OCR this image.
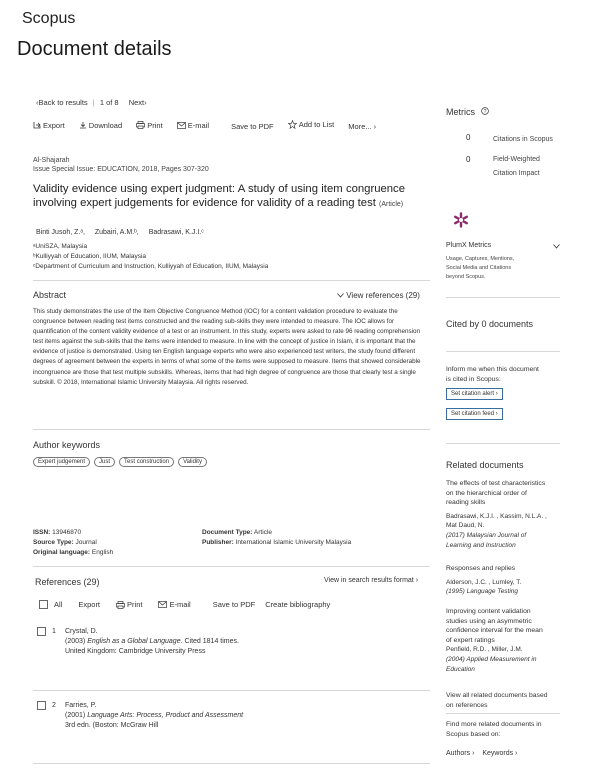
Scopus
Document details
‹Back to results | 1 of 8 Next›
Export
	Download
	Print
	E-mail
	Save to PDF
	Add to List
More... ›
Al-Shajarah
Issue Special Issue: EDUCATION, 2018, Pages 307-320
Validity evidence using expert judgment: A study of using item congruence involving expert judgements for evidence for validity of a reading test (Article)
Binti Jusoh, Z.ᵃ, Zubairi, A.M.ᵇ, Badrasawi, K.J.I.ᶜ
ᵃUniSZA, Malaysia
ᵇKulliyyah of Education, IIUM, Malaysia
ᶜDepartment of Curriculum and Instruction, Kulliyyah of Education, IIUM, Malaysia
Abstract	View references (29)
This study demonstrates the use of the Item Objective Congruence Method (IOC) for a content validation procedure to evaluate the congruence between reading test items constructed and the reading sub-skills they were intended to measure. The IOC allows for quantification of the content validity evidence of a test or an instrument. In this study, experts were asked to rate 96 reading comprehension test items against the sub-skills that the items were intended to measure. In line with the concept of justice in Islam, it is important that the evidence of justice is demonstrated. Using ten English language experts who were also experienced test writers, the study found different degrees of agreement between the experts in terms of what some of the items were supposed to measure. Items that showed considerable incongruence are those that test multiple subskills. Whereas, items that had high degree of congruence are those that clearly test a single subskill. © 2018, International Islamic University Malaysia. All rights reserved.
Author keywords
Expert judgement	Just	Test construction	Validity
ISSN: 13946870
Source Type: Journal
Original language: English
Document Type: Article
Publisher: International Islamic University Malaysia
References (29)	View in search results format ›
All Export	Print	E-mail	Save to PDF Create bibliography
1 Crystal, D.
(2003) English as a Global Language. Cited 1814 times.
United Kingdom: Cambridge University Press
2 Farries, P.
(2001) Language Arts: Process, Product and Assessment
3rd edn. (Boston: McGraw Hill
Metrics ?
0	Citations in Scopus
0	Field-Weighted
Citation Impact
PlumX Metrics
Usage, Captures, Mentions,
Social Media and Citations
beyond Scopus.
Cited by 0 documents
Inform me when this document
is cited in Scopus:
Set citation alert ›
Set citation feed ›
Related documents
The effects of test characteristics
on the hierarchical order of
reading skills
Badrasawi, K.J.I. , Kassim, N.L.A. ,
Mat Daud, N.
(2017) Malaysian Journal of
Learning and Instruction
Responses and replies
Alderson, J.C. , Lumley, T.
(1995) Language Testing
Improving content validation
studies using an asymmetric
confidence interval for the mean
of expert ratings
Penfield, R.D. , Miller, J.M.
(2004) Applied Measurement in
Education
View all related documents based
on references
Find more related documents in
Scopus based on:
Authors › Keywords ›
